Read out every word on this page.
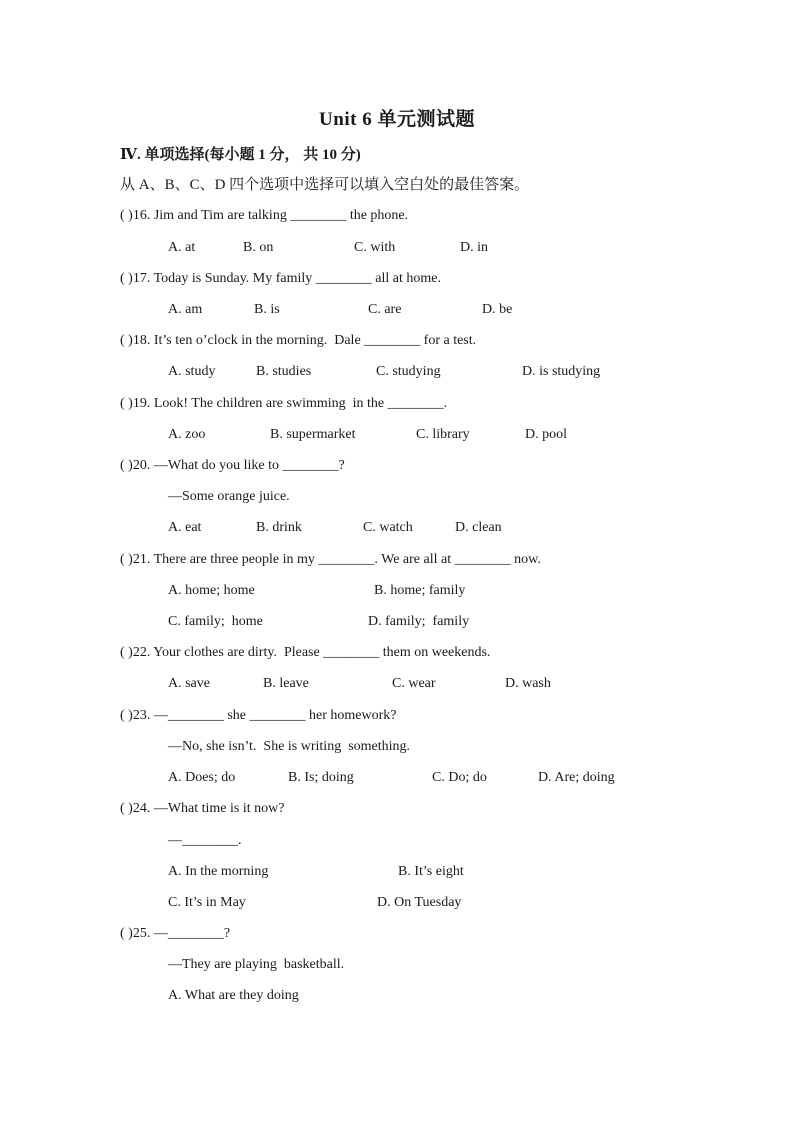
Unit 6 单元测试题
Ⅳ. 单项选择(每小题 1 分， 共 10 分)
从 A、B、C、D 四个选项中选择可以填入空白处的最佳答案。
( )16. Jim and Tim are talking ________ the phone.
A. at	B. on	C. with	D. in
( )17. Today is Sunday. My family ________ all at home.
A. am	B. is	C. are	D. be
( )18. It’s ten o’clock in the morning.  Dale ________ for a test.
A. study	B. studies	C. studying	D. is studying
( )19. Look! The children are swimming  in the ________.
A. zoo	B. supermarket	C. library	D. pool
( )20. —What do you like to ________?
—Some orange juice.
A. eat	B. drink	C. watch	D. clean
( )21. There are three people in my ________. We are all at ________ now.
A. home; home	B. home; family
C. family;  home	D. family;  family
( )22. Your clothes are dirty.  Please ________ them on weekends.
A. save	B. leave	C. wear	D. wash
( )23. —________ she ________ her homework?
—No, she isn’t.  She is writing  something.
A. Does; do	B. Is; doing	C. Do; do	D. Are; doing
( )24. —What time is it now?
—________.
A. In the morning	B. It’s eight
C. It’s in May	D. On Tuesday
( )25. —________?
—They are playing  basketball.
A. What are they doing
